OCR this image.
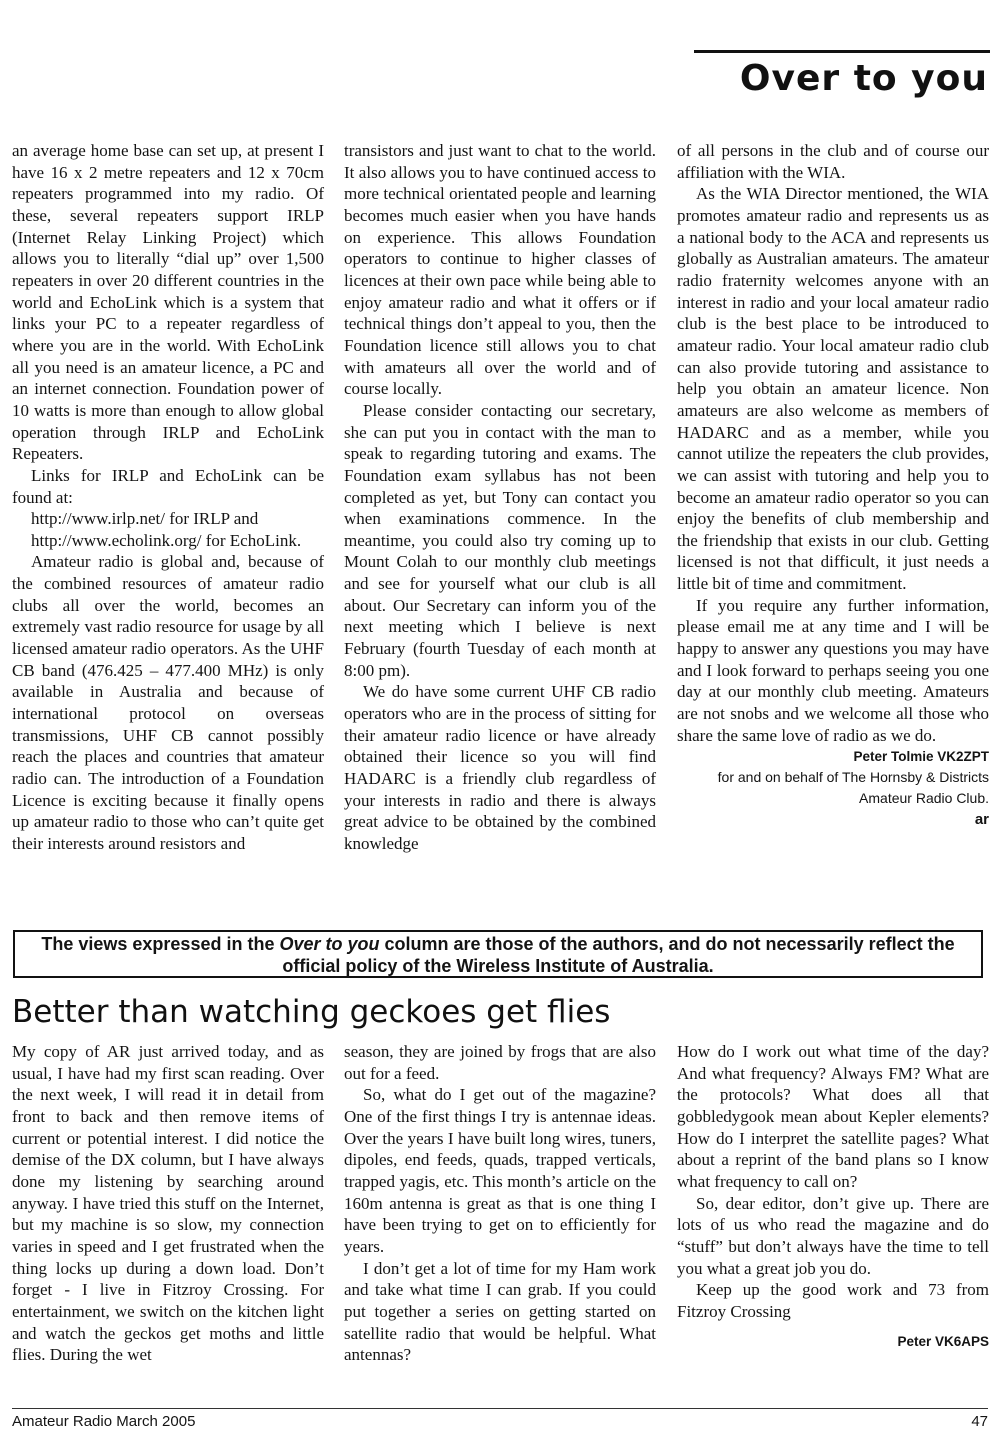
Over to you

an average home base can set up, at present I have 16 x 2 metre repeaters and 12 x 70cm repeaters programmed into my radio. Of these, several repeaters support IRLP (Internet Relay Linking Project) which allows you to literally “dial up” over 1,500 repeaters in over 20 different countries in the world and EchoLink which is a system that links your PC to a repeater regardless of where you are in the world. With EchoLink all you need is an amateur licence, a PC and an internet connection. Foundation power of 10 watts is more than enough to allow global operation through IRLP and EchoLink Repeaters.

Links for IRLP and EchoLink can be found at:

http://www.irlp.net/ for IRLP and

http://www.echolink.org/ for EchoLink.

Amateur radio is global and, because of the combined resources of amateur radio clubs all over the world, becomes an extremely vast radio resource for usage by all licensed amateur radio operators. As the UHF CB band (476.425 – 477.400 MHz) is only available in Australia and because of international protocol on overseas transmissions, UHF CB cannot possibly reach the places and countries that amateur radio can. The introduction of a Foundation Licence is exciting because it finally opens up amateur radio to those who can’t quite get their interests around resistors and

transistors and just want to chat to the world. It also allows you to have continued access to more technical orientated people and learning becomes much easier when you have hands on experience. This allows Foundation operators to continue to higher classes of licences at their own pace while being able to enjoy amateur radio and what it offers or if technical things don’t appeal to you, then the Foundation licence still allows you to chat with amateurs all over the world and of course locally.

Please consider contacting our secretary, she can put you in contact with the man to speak to regarding tutoring and exams. The Foundation exam syllabus has not been completed as yet, but Tony can contact you when examinations commence. In the meantime, you could also try coming up to Mount Colah to our monthly club meetings and see for yourself what our club is all about. Our Secretary can inform you of the next meeting which I believe is next February (fourth Tuesday of each month at 8:00 pm).

We do have some current UHF CB radio operators who are in the process of sitting for their amateur radio licence or have already obtained their licence so you will find HADARC is a friendly club regardless of your interests in radio and there is always great advice to be obtained by the combined knowledge

of all persons in the club and of course our affiliation with the WIA.

As the WIA Director mentioned, the WIA promotes amateur radio and represents us as a national body to the ACA and represents us globally as Australian amateurs. The amateur radio fraternity welcomes anyone with an interest in radio and your local amateur radio club is the best place to be introduced to amateur radio. Your local amateur radio club can also provide tutoring and assistance to help you obtain an amateur licence. Non amateurs are also welcome as members of HADARC and as a member, while you cannot utilize the repeaters the club provides, we can assist with tutoring and help you to become an amateur radio operator so you can enjoy the benefits of club membership and the friendship that exists in our club. Getting licensed is not that difficult, it just needs a little bit of time and commitment.

If you require any further information, please email me at any time and I will be happy to answer any questions you may have and I look forward to perhaps seeing you one day at our monthly club meeting. Amateurs are not snobs and we welcome all those who share the same love of radio as we do.

Peter Tolmie VK2ZPT

for and on behalf of The Hornsby & Districts Amateur Radio Club.

ar

The views expressed in the Over to you column are those of the authors, and do not necessarily reflect the official policy of the Wireless Institute of Australia.
Better than watching geckoes get flies

My copy of AR just arrived today, and as usual, I have had my first scan reading. Over the next week, I will read it in detail from front to back and then remove items of current or potential interest. I did notice the demise of the DX column, but I have always done my listening by searching around anyway. I have tried this stuff on the Internet, but my machine is so slow, my connection varies in speed and I get frustrated when the thing locks up during a down load. Don’t forget - I live in Fitzroy Crossing. For entertainment, we switch on the kitchen light and watch the geckos get moths and little flies. During the wet

season, they are joined by frogs that are also out for a feed.

So, what do I get out of the magazine? One of the first things I try is antennae ideas. Over the years I have built long wires, tuners, dipoles, end feeds, quads, trapped verticals, trapped yagis, etc. This month’s article on the 160m antenna is great as that is one thing I have been trying to get on to efficiently for years.

I don’t get a lot of time for my Ham work and take what time I can grab. If you could put together a series on getting started on satellite radio that would be helpful. What antennas?

How do I work out what time of the day? And what frequency? Always FM? What are the protocols? What does all that gobbledygook mean about Kepler elements? How do I interpret the satellite pages? What about a reprint of the band plans so I know what frequency to call on?

So, dear editor, don’t give up. There are lots of us who read the magazine and do “stuff” but don’t always have the time to tell you what a great job you do.

Keep up the good work and 73 from Fitzroy Crossing

Peter VK6APS

Amateur Radio March 2005	47
